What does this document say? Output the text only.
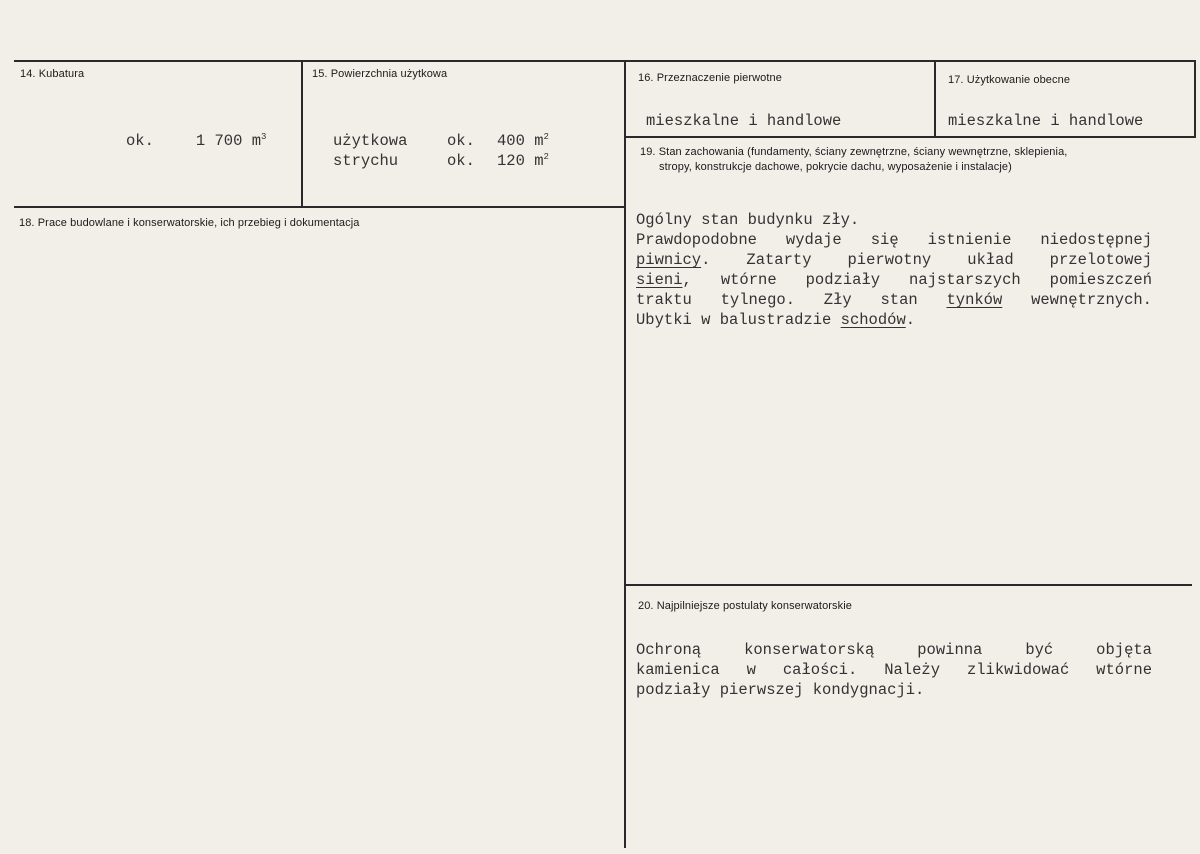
14. Kubatura
ok.	1 700 $m^3$
15. Powierzchnia użytkowa
użytkowa	ok. 400 $m^2$
strychu	ok. 120 $m^2$
16. Przeznaczenie pierwotne
mieszkalne i handlowe
17. Użytkowanie obecne
mieszkalne i handlowe
18. Prace budowlane i konserwatorskie, ich przebieg i dokumentacja
19. Stan zachowania (fundamenty, ściany zewnętrzne, ściany wewnętrzne, sklepienia,
stropy, konstrukcje dachowe, pokrycie dachu, wyposażenie i instalacje)
Ogólny stan budynku zły.
Prawdopodobne wydaje się istnienie niedostępnej
piwnicy. Zatarty pierwotny układ przelotowej
sieni, wtórne podziały najstarszych pomieszczeń
traktu tylnego. Zły stan tynków wewnętrznych.
Ubytki w balustradzie schodów.
20. Najpilniejsze postulaty konserwatorskie
Ochroną konserwatorską powinna być objęta
kamienica w całości. Należy zlikwidować wtórne
podziały pierwszej kondygnacji.
